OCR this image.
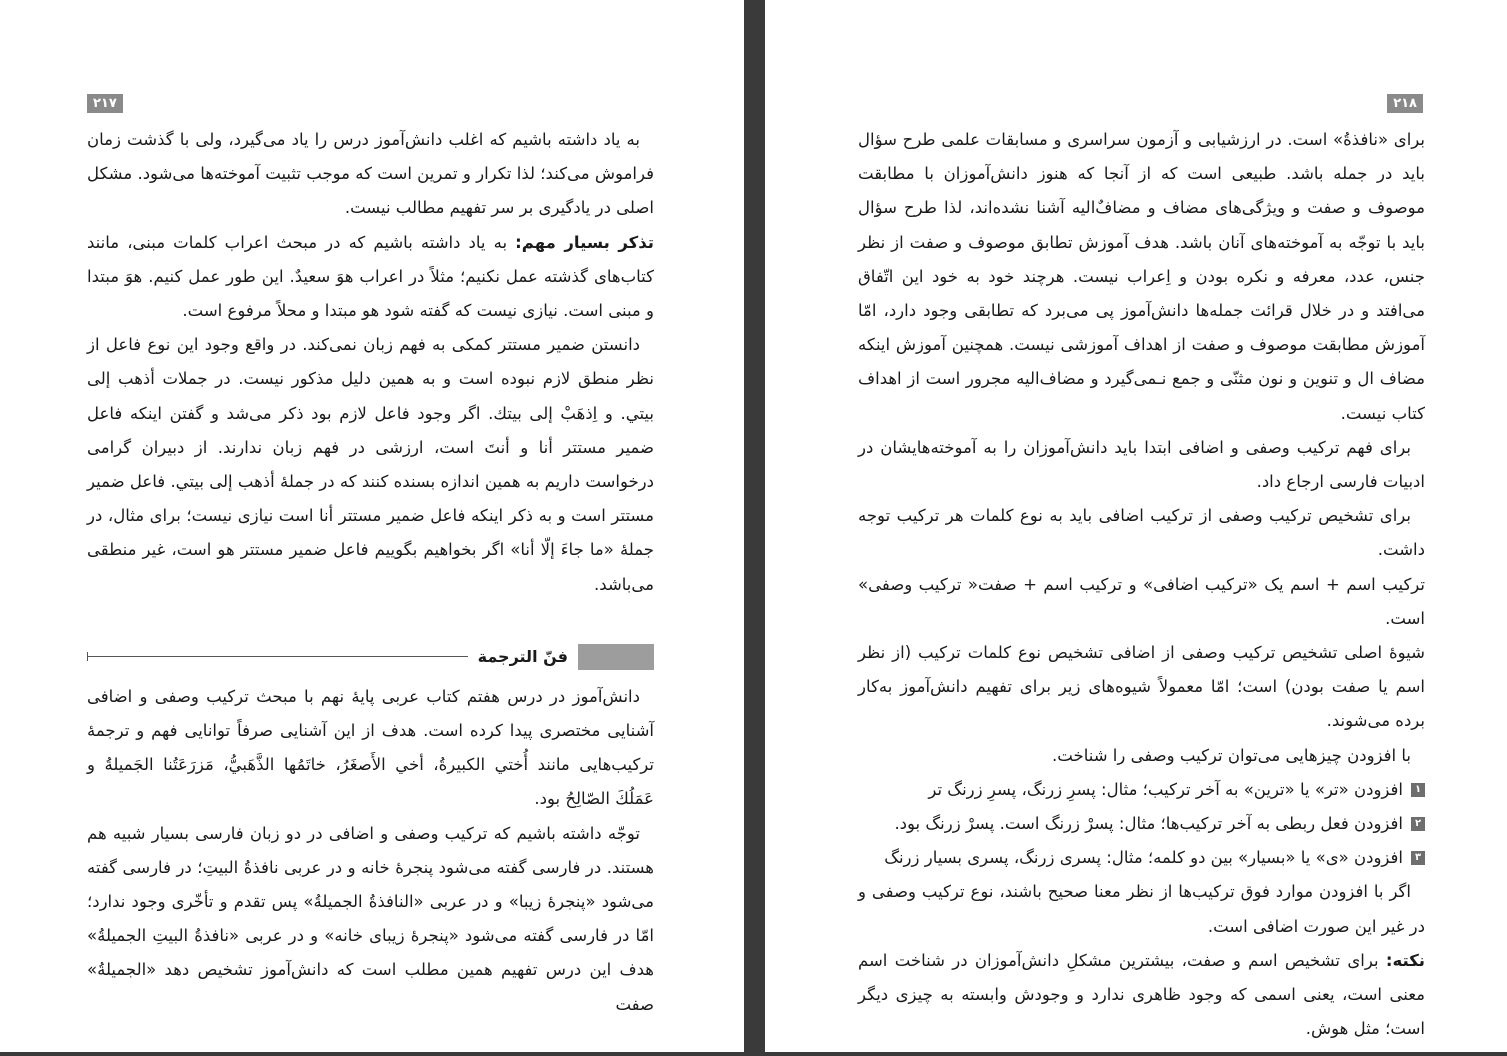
۲۱۷

به یاد داشته باشیم که اغلب دانش‌آموز درس را یاد می‌گیرد، ولی با گذشت زمان فراموش می‌کند؛ لذا تکرار و تمرین است که موجب تثبیت آموخته‌ها می‌شود. مشکل اصلی در یادگیری بر سر تفهیم مطالب نیست.

تذکر بسیار مهم: به یاد داشته باشیم که در مبحث اعراب کلمات مبنی، مانند کتاب‌های گذشته عمل نکنیم؛ مثلاً در اعراب هوَ سعیدٌ. این طور عمل کنیم. هوَ مبتدا و مبنی است. نیازی نیست که گفته شود هو مبتدا و محلاً مرفوع است.

دانستن ضمیر مستتر کمکی به فهم زبان نمی‌کند. در واقع وجود این نوع فاعل از نظر منطق لازم نبوده است و به همین دلیل مذکور نیست. در جملات أذهب إلی بیتي. و اِذهَبْ إلی بیتك. اگر وجود فاعل لازم بود ذکر می‌شد و گفتن اینکه فاعل ضمیر مستتر أنا و أنتَ است، ارزشی در فهم زبان ندارند. از دبیران گرامی درخواست داریم به همین اندازه بسنده کنند که در جملهٔ أذهب إلی بیتي. فاعل ضمیر مستتر است و به ذکر اینکه فاعل ضمیر مستتر أنا است نیازی نیست؛ برای مثال، در جملهٔ «ما جاءَ إلّا أنا» اگر بخواهیم بگوییم فاعل ضمیر مستتر هو است، غیر منطقی می‌باشد.

فنّ الترجمة

دانش‌آموز در درس هفتم کتاب عربی پایهٔ نهم با مبحث ترکیب وصفی و اضافی آشنایی مختصری پیدا کرده است. هدف از این آشنایی صرفاً توانایی فهم و ترجمهٔ ترکیب‌هایی مانند أُختي الکبیرةُ، أخي الأَصغَرُ، خاتَمُها الذَّهَبيُّ، مَزرَعَتُنا الجَمیلةُ و عَمَلُكَ الصّالِحُ بود.

توجّه داشته باشیم که ترکیب وصفی و اضافی در دو زبان فارسی بسیار شبیه هم هستند. در فارسی گفته می‌شود پنجرهٔ خانه و در عربی نافذةُ البیتِ؛ در فارسی گفته می‌شود «پنجرهٔ زیبا» و در عربی «النافذةُ الجمیلةُ» پس تقدم و تأخّری وجود ندارد؛ امّا در فارسی گفته می‌شود «پنجرهٔ زیبای خانه» و در عربی «نافذةُ البیتِ الجمیلةُ» هدف این درس تفهیم همین مطلب است که دانش‌آموز تشخیص دهد «الجمیلةُ» صفت

۲۱۸

برای «نافذةُ» است. در ارزشیابی و آزمون سراسری و مسابقات علمی طرح سؤال باید در جمله باشد. طبیعی است که از آنجا که هنوز دانش‌آموزان با مطابقت موصوف و صفت و ویژگی‌های مضاف و مضافٌ‌الیه آشنا نشده‌اند، لذا طرح سؤال باید با توجّه به آموخته‌های آنان باشد. هدف آموزش تطابق موصوف و صفت از نظر جنس، عدد، معرفه و نکره بودن و اِعراب نیست. هرچند خود به خود این اتّفاق می‌افتد و در خلال قرائت جمله‌ها دانش‌آموز پی می‌برد که تطابقی وجود دارد، امّا آموزش مطابقت موصوف و صفت از اهداف آموزشی نیست. همچنین آموزش اینکه مضاف ال و تنوین و نون مثنّی و جمع نـمی‌گیرد و مضاف‌الیه مجرور است از اهداف کتاب نیست.

برای فهم ترکیب وصفی و اضافی ابتدا باید دانش‌آموزان را به آموخته‌هایشان در ادبیات فارسی ارجاع داد.

برای تشخیص ترکیب وصفی از ترکیب اضافی باید به نوع کلمات هر ترکیب توجه داشت.

ترکیب اسم + اسم یک «ترکیب اضافی» و ترکیب اسم + صفت« ترکیب وصفی» است.

شیوهٔ اصلی تشخیص ترکیب وصفی از اضافی تشخیص نوع کلمات ترکیب (از نظر اسم یا صفت بودن) است؛ امّا معمولاً شیوه‌های زیر برای تفهیم دانش‌آموز به‌کار برده می‌شوند.

با افزودن چیزهایی می‌توان ترکیب وصفی را شناخت.

۱
افزودن «تر» یا «ترین» به آخر ترکیب؛ مثال: پسرِ زرنگ، پسرِ زرنگ تر
۲
افزودن فعل ربطی به آخر ترکیب‌ها؛ مثال: پسرْ زرنگ است. پسرْ زرنگ بود.
۳
افزودن «ی» یا «بسیار» بین دو کلمه؛ مثال: پسری زرنگ، پسری بسیار زرنگ

اگر با افزودن موارد فوق ترکیب‌ها از نظر معنا صحیح باشند، نوع ترکیب وصفی و در غیر این صورت اضافی است.

نکته: برای تشخیص اسم و صفت، بیشترین مشکلِ دانش‌آموزان در شناخت اسم معنی است، یعنی اسمی که وجود ظاهری ندارد و وجودش وابسته به چیزی دیگر است؛ مثل هوش.
